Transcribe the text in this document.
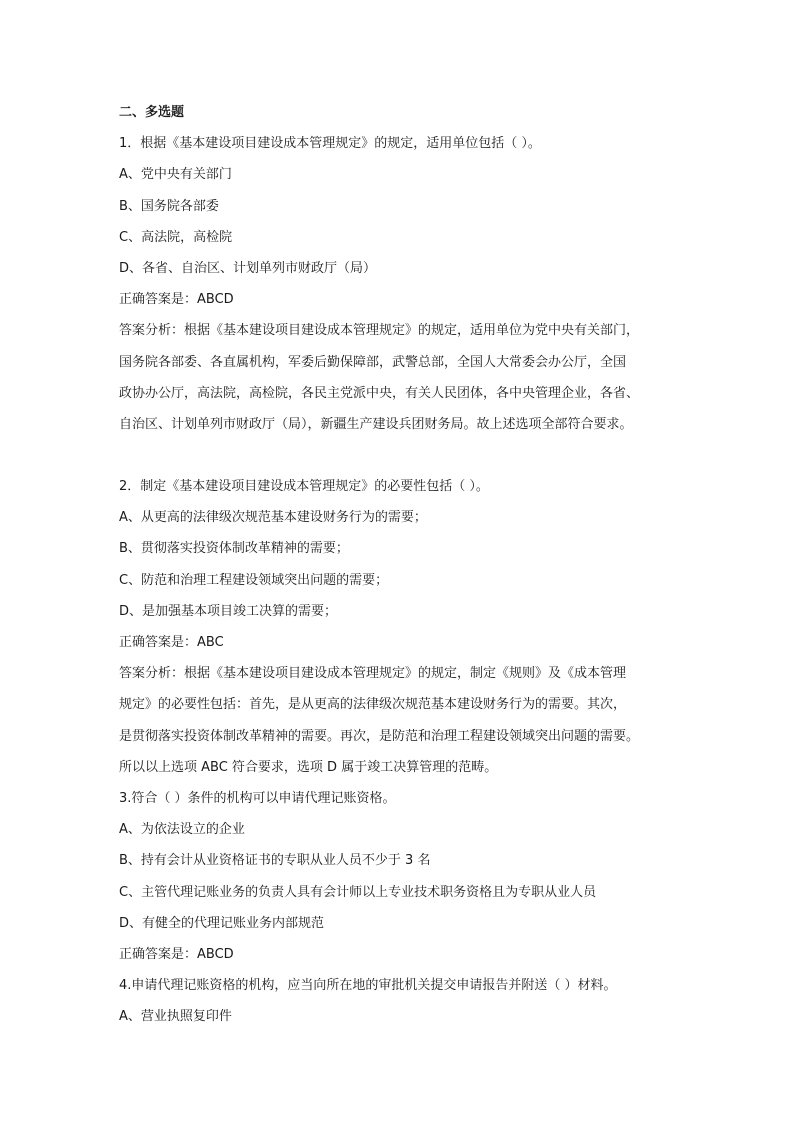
二、多选题
1．根据《基本建设项目建设成本管理规定》的规定，适用单位包括（ ）。
A、党中央有关部门
B、国务院各部委
C、高法院，高检院
D、各省、自治区、计划单列市财政厅（局）
正确答案是：ABCD
答案分析：根据《基本建设项目建设成本管理规定》的规定，适用单位为党中央有关部门，
国务院各部委、各直属机构，军委后勤保障部，武警总部，全国人大常委会办公厅，全国
政协办公厅，高法院，高检院，各民主党派中央，有关人民团体，各中央管理企业，各省、
自治区、计划单列市财政厅（局），新疆生产建设兵团财务局。故上述选项全部符合要求。
2．制定《基本建设项目建设成本管理规定》的必要性包括（ ）。
A、从更高的法律级次规范基本建设财务行为的需要；
B、贯彻落实投资体制改革精神的需要；
C、防范和治理工程建设领域突出问题的需要；
D、是加强基本项目竣工决算的需要；
正确答案是：ABC
答案分析：根据《基本建设项目建设成本管理规定》的规定，制定《规则》及《成本管理
规定》的必要性包括：首先，是从更高的法律级次规范基本建设财务行为的需要。其次，
是贯彻落实投资体制改革精神的需要。再次，是防范和治理工程建设领域突出问题的需要。
所以以上选项 ABC 符合要求，选项 D 属于竣工决算管理的范畴。
3.符合（ ）条件的机构可以申请代理记账资格。
A、为依法设立的企业
B、持有会计从业资格证书的专职从业人员不少于 3 名
C、主管代理记账业务的负责人具有会计师以上专业技术职务资格且为专职从业人员
D、有健全的代理记账业务内部规范
正确答案是：ABCD
4.申请代理记账资格的机构，应当向所在地的审批机关提交申请报告并附送（ ）材料。
A、营业执照复印件
